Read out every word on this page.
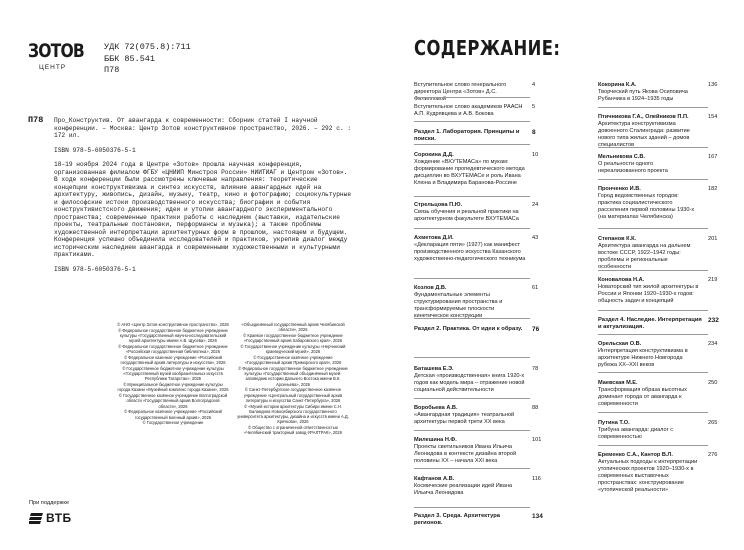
ЗОТОВ
ЦЕНТР
УДК 72(075.8):711
ББК 85.541
П78
П78 Про_Конструктив. От авангарда к современности: Сборник статей I научной конференции. – Москва: Центр Зотов конструктивное пространство, 2026. – 292 с. : 172 ил.

ISBN 978-5-6050376-5-1

18–19 ноября 2024 года в Центре «Зотов» прошла научная конференция, организованная филиалом ФГБУ «ЦНИИП Минстроя России» НИИТИАГ и Центром «Зотов». В ходе конференции были рассмотрены ключевые направления: теоретические концепции конструктивизма и синтез искусств, влияние авангардных идей на архитектуру, живопись, дизайн, музыку, театр, кино и фотографию; социокультурные и философские истоки производственного искусства; биографии и события конструктивистского движения; идеи и утопии авангардного экспериментального пространства; современные практики работы с наследием (выставки, издательские проекты, театральные постановки, перформансы и музыка); а также проблемы художественной интерпретации архитектурных форм в прошлом, настоящем и будущем. Конференция успешно объединила исследователей и практиков, укрепив диалог между историческим наследием авангарда и современными художественными и культурными практиками.

ISBN 978-5-6050376-5-1

© АНО «Центр Зотов конструктивное пространство», 2026
© Федеральное государственное бюджетное учреждение культуры «Государственный научно-исследовательский музей архитектуры имени А.В. Щусева», 2026
© Федеральное государственное бюджетное учреждение «Российская государственная библиотека», 2026
© Федеральное казенное учреждение «Российский государственный архив литературы и искусства», 2026
© Государственное бюджетное учреждение культуры «Государственный музей изобразительных искусств Республики Татарстан», 2026
© Муниципальное бюджетное учреждение культуры города Казани «Музейный комплекс города Казани», 2026
© Государственное казённое учреждение Волгоградской области «Государственный архив Волгоградской области», 2026
© Федеральное казённое учреждение «Российский государственный военный архив», 2026
© Государственное учреждение
«Объединённый государственный архив Челябинской области», 2026
© Краевое государственное бюджетное учреждение «Государственный архив Хабаровского края», 2026
© Государственное учреждение культуры «Нерчинский краеведческий музей», 2026
© Государственное казённое учреждение «Государственный архив Приморского края», 2026
© Федеральное государственное бюджетное учреждение культуры «Государственный объединённый музей-заповедник истории Дальнего Востока имени В.К. Арсеньева», 2026
© Санкт-Петербургское государственное казённое учреждение «Центральный государственный архив литературы и искусства Санкт-Петербурга», 2026
© «Музей истории архитектуры Сибири имени С.Н. Баландина Новосибирского государственного университета архитектуры, дизайна и искусств имени А.Д. Крячкова», 2026
© Общество с ограниченной ответственностью «Челябинский тракторный завод-УРАЛТРАК», 2026
При поддержке
ВТБ
СОДЕРЖАНИЕ:
Вступительное слово генерального директора Центра «Зотов» Д.С. Филипповой
4
Вступительное слово академиков РААСН А.П. Кудрявцева и А.В. Бокова
5
Раздел 1. Лаборатория. Принципы и поиски.
8
Сорокина Д.Д.
Хождение «ВХУТЕМАСа» по мукам: формирование пропедевтического метода дисциплин во ВХУТЕМАСе и роль Ивана Клюна и Владимира Баранова-Россине
10
Стрельцова П.Ю.
Связь обучения и реальной практики на архитектурном факультете ВХУТЕМАСа
24
Ахметова Д.И.
«Декларация пяти» (1927) как манифест производственного искусства Казанского художественно-педагогического техникума
43
Козлов Д.В.
Фундаментальные элементы структурирования пространства и трансформируемые плоскости кинетическое конструкции
61
Раздел 2. Практика. От идеи к образу.	76
Баташева Е.Э.
Детская «производственная» книга 1920-х годов как модель мира – отражение новой социальной действительности
78
Воробьева А.В.
«Авангардная традиция» театральной архитектуры первой трети XX века
88
Милешина Н.Ф.
Проекты светильников Ивана Ильича Леонидова в контексте дизайна второй половины XX – начала XXI века
101
Кафтанов А.В.
Космические реализации идей Ивана Ильича Леонидова
116
Раздел 3. Среда. Архитектура регионов.
134
Кокорина К.А.
Творческий путь Якова Осиповича Рубанчика в 1924–1935 годы
136
Птичникова Г.А., Олейников П.П.
Архитектура конструктивизма довоенного Сталинграда: развитие нового типа жилых зданий – домов специалистов
154
Мельникова С.В.
О реальности одного нереализованного проекта
167
Пронченко И.В.
Город ведомственных городов: практика социалистического расселения первой половины 1930-х (на материалах Челябинска)
182
Степанов К.К.
Архитектура авангарда на дальнем востоке СССР, 1922–1942 годы: проблемы и региональные особенности
201
Коновалова Н.А.
Новаторский тип жилой архитектуры в России и Японии 1920–1930-х годов: общность задач и концепций
219
Раздел 4. Наследие. Интерпретация и актуализация.
232
Орельская О.В.
Интерпретация конструктивизма в архитектуре Нижнего Новгорода рубежа XX–XXI веков
234
Маевская М.Е.
Трансформация образа высотных доминант города от авангарда к современности
250
Путина Т.О.
Трибуна авангарда: диалог с современностью
265
Еременко С.А., Кантор В.Л.
Актуальных подходы к интерпретации утопических проектов 1920–1930-х в современных выставочных пространствах: конструирование «утопической реальности»
276
